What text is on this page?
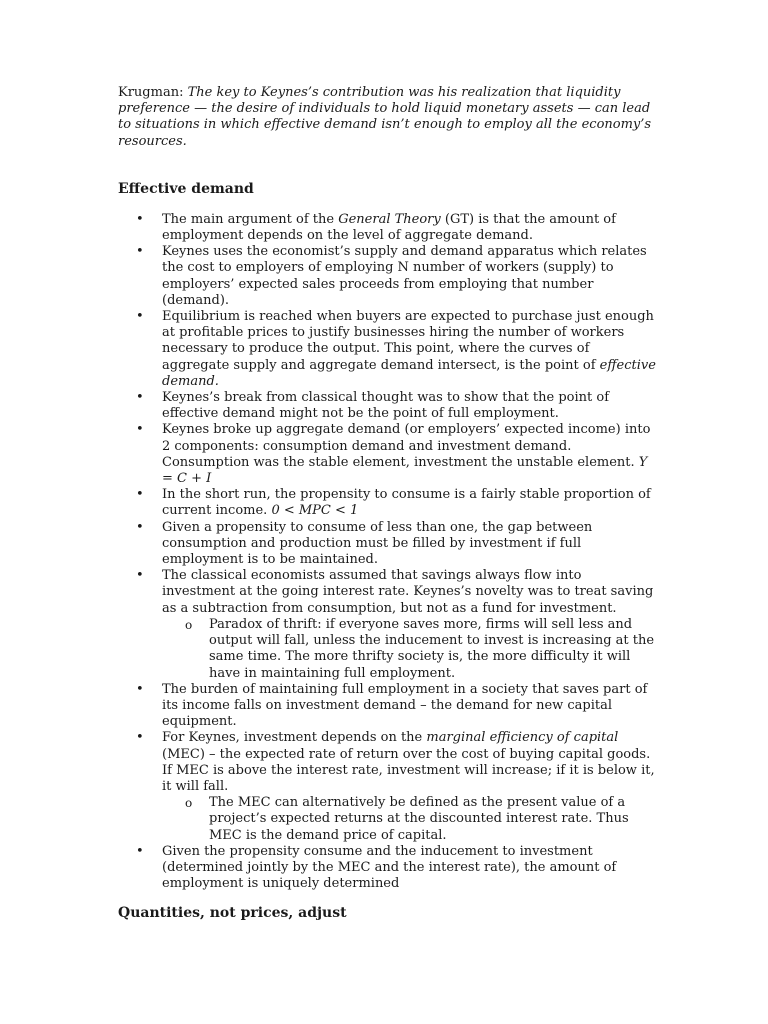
Krugman: The key to Keynes’s contribution was his realization that liquidity preference — the desire of individuals to hold liquid monetary assets — can lead to situations in which effective demand isn’t enough to employ all the economy’s resources.

Effective demand
• The main argument of the General Theory (GT) is that the amount of employment depends on the level of aggregate demand.
• Keynes uses the economist’s supply and demand apparatus which relates the cost to employers of employing N number of workers (supply) to employers’ expected sales proceeds from employing that number (demand).
• Equilibrium is reached when buyers are expected to purchase just enough at profitable prices to justify businesses hiring the number of workers necessary to produce the output. This point, where the curves of aggregate supply and aggregate demand intersect, is the point of effective demand.
• Keynes’s break from classical thought was to show that the point of effective demand might not be the point of full employment.
• Keynes broke up aggregate demand (or employers’ expected income) into 2 components: consumption demand and investment demand. Consumption was the stable element, investment the unstable element. Y = C + I
• In the short run, the propensity to consume is a fairly stable proportion of current income. 0 < MPC < 1
• Given a propensity to consume of less than one, the gap between consumption and production must be filled by investment if full employment is to be maintained.
• The classical economists assumed that savings always flow into investment at the going interest rate. Keynes’s novelty was to treat saving as a subtraction from consumption, but not as a fund for investment.
o Paradox of thrift: if everyone saves more, firms will sell less and output will fall, unless the inducement to invest is increasing at the same time. The more thrifty society is, the more difficulty it will have in maintaining full employment.
• The burden of maintaining full employment in a society that saves part of its income falls on investment demand – the demand for new capital equipment.
• For Keynes, investment depends on the marginal efficiency of capital (MEC) – the expected rate of return over the cost of buying capital goods. If MEC is above the interest rate, investment will increase; if it is below it, it will fall.
o The MEC can alternatively be defined as the present value of a project’s expected returns at the discounted interest rate. Thus MEC is the demand price of capital.
• Given the propensity consume and the inducement to investment (determined jointly by the MEC and the interest rate), the amount of employment is uniquely determined
Quantities, not prices, adjust
